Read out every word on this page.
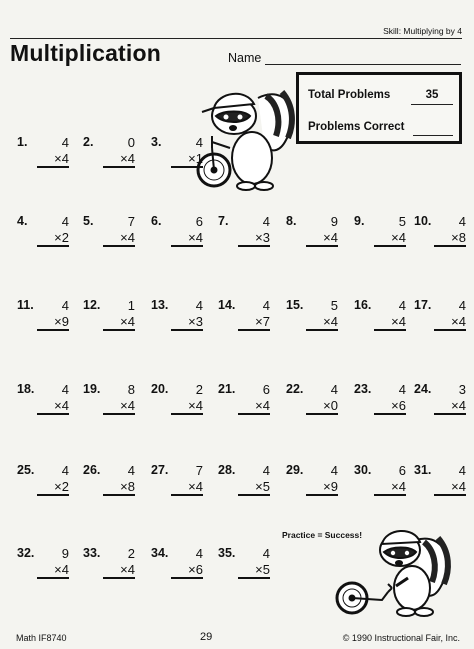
Skill: Multiplying by 4
Multiplication	Name
Total Problems	35
Problems Correct
1.	4
×4
2.	0
×4
3.	4
×1
4.	4
×2
5.	7
×4
6.	6
×4
7.	4
×3
8.	9
×4
9.	5
×4
10.	4
×8
11.	4
×9
12.	1
×4
13.	4
×3
14.	4
×7
15.	5
×4
16.	4
×4
17.	4
×4
18.	4
×4
19.	8
×4
20.	2
×4
21.	6
×4
22.	4
×0
23.	4
×6
24.	3
×4
25.	4
×2
26.	4
×8
27.	7
×4
28.	4
×5
29.	4
×9
30.	6
×4
31.	4
×4
32.	9
×4
33.	2
×4
34.	4
×6
35.	4
×5
Practice = Success!
Math IF8740	29	© 1990 Instructional Fair, Inc.
